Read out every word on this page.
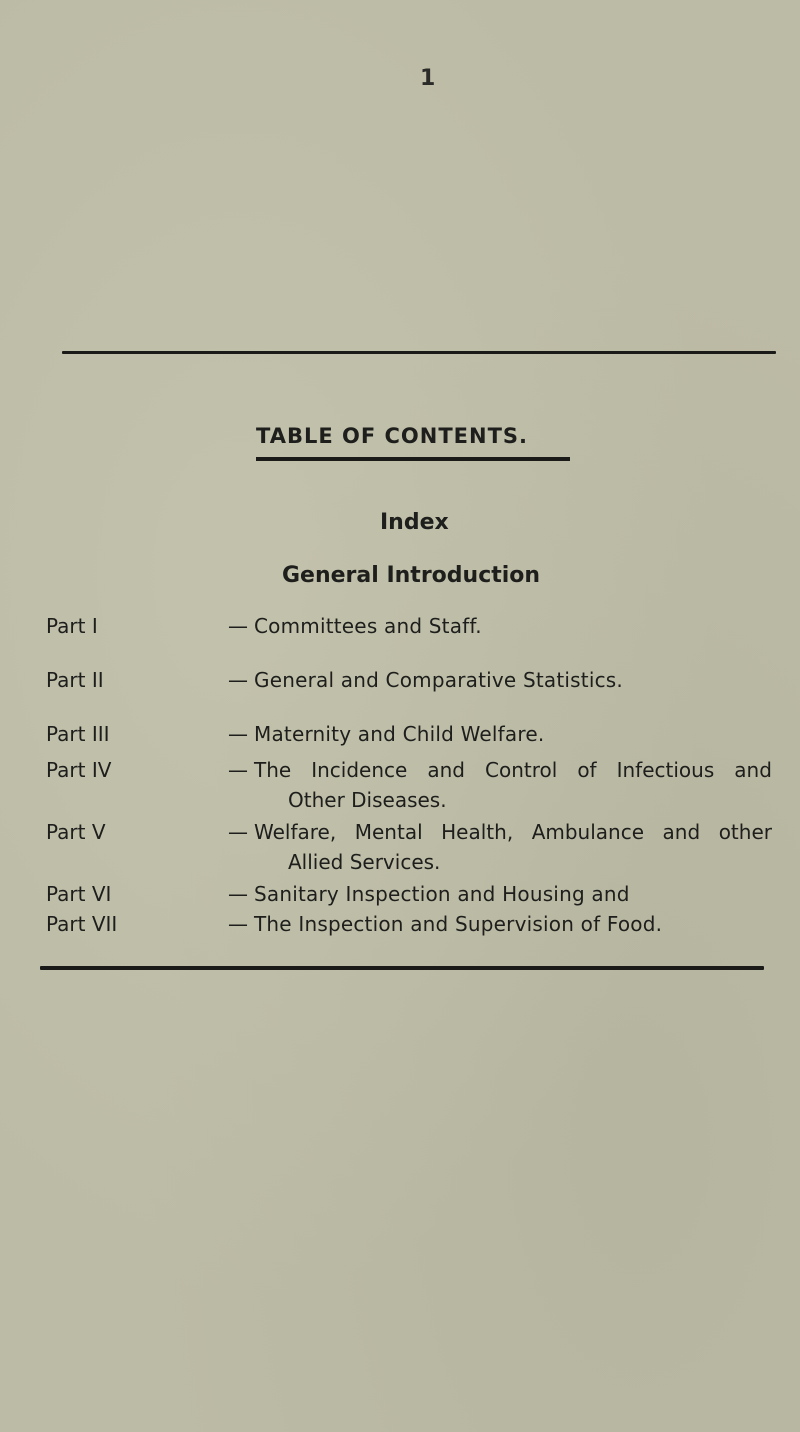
1
TABLE OF CONTENTS.
Index
General Introduction
Part I	— Committees and Staff.
Part II	— General and Comparative Statistics.
Part III	— Maternity and Child Welfare.
Part IV	— The Incidence and Control of Infectious and
Other Diseases.
Part V	— Welfare, Mental Health, Ambulance and other
Allied Services.
Part VI	— Sanitary Inspection and Housing and
Part VII	— The Inspection and Supervision of Food.
